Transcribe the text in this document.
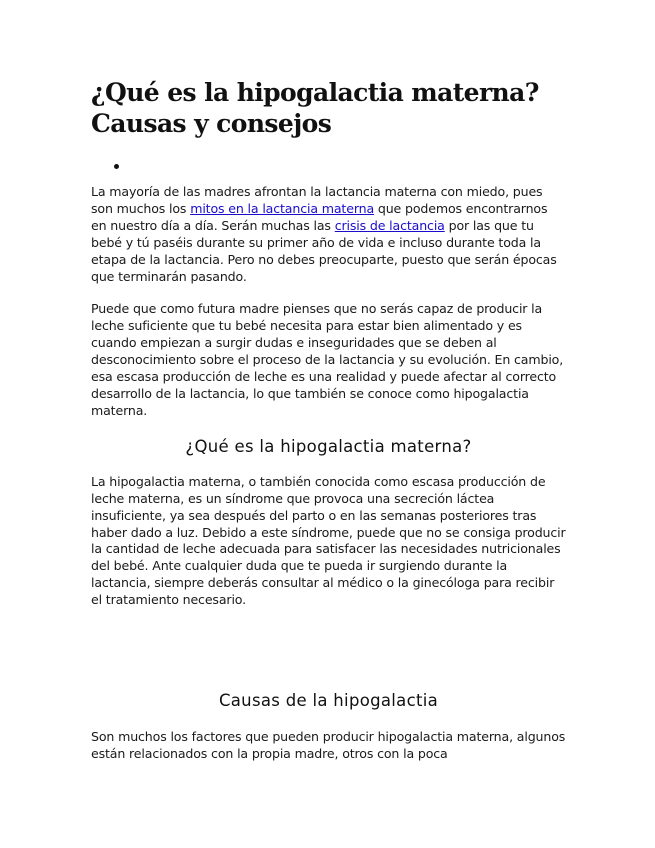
¿Qué es la hipogalactia materna? Causas y consejos

La mayoría de las madres afrontan la lactancia materna con miedo, pues son muchos los mitos en la lactancia materna que podemos encontrarnos en nuestro día a día. Serán muchas las crisis de lactancia por las que tu bebé y tú paséis durante su primer año de vida e incluso durante toda la etapa de la lactancia. Pero no debes preocuparte, puesto que serán épocas que terminarán pasando.

Puede que como futura madre pienses que no serás capaz de producir la leche suficiente que tu bebé necesita para estar bien alimentado y es cuando empiezan a surgir dudas e inseguridades que se deben al desconocimiento sobre el proceso de la lactancia y su evolución. En cambio, esa escasa producción de leche es una realidad y puede afectar al correcto desarrollo de la lactancia, lo que también se conoce como hipogalactia materna.

¿Qué es la hipogalactia materna?

La hipogalactia materna, o también conocida como escasa producción de leche materna, es un síndrome que provoca una secreción láctea insuficiente, ya sea después del parto o en las semanas posteriores tras haber dado a luz. Debido a este síndrome, puede que no se consiga producir la cantidad de leche adecuada para satisfacer las necesidades nutricionales del bebé. Ante cualquier duda que te pueda ir surgiendo durante la lactancia, siempre deberás consultar al médico o la ginecóloga para recibir el tratamiento necesario.

Causas de la hipogalactia

Son muchos los factores que pueden producir hipogalactia materna, algunos están relacionados con la propia madre, otros con la poca
